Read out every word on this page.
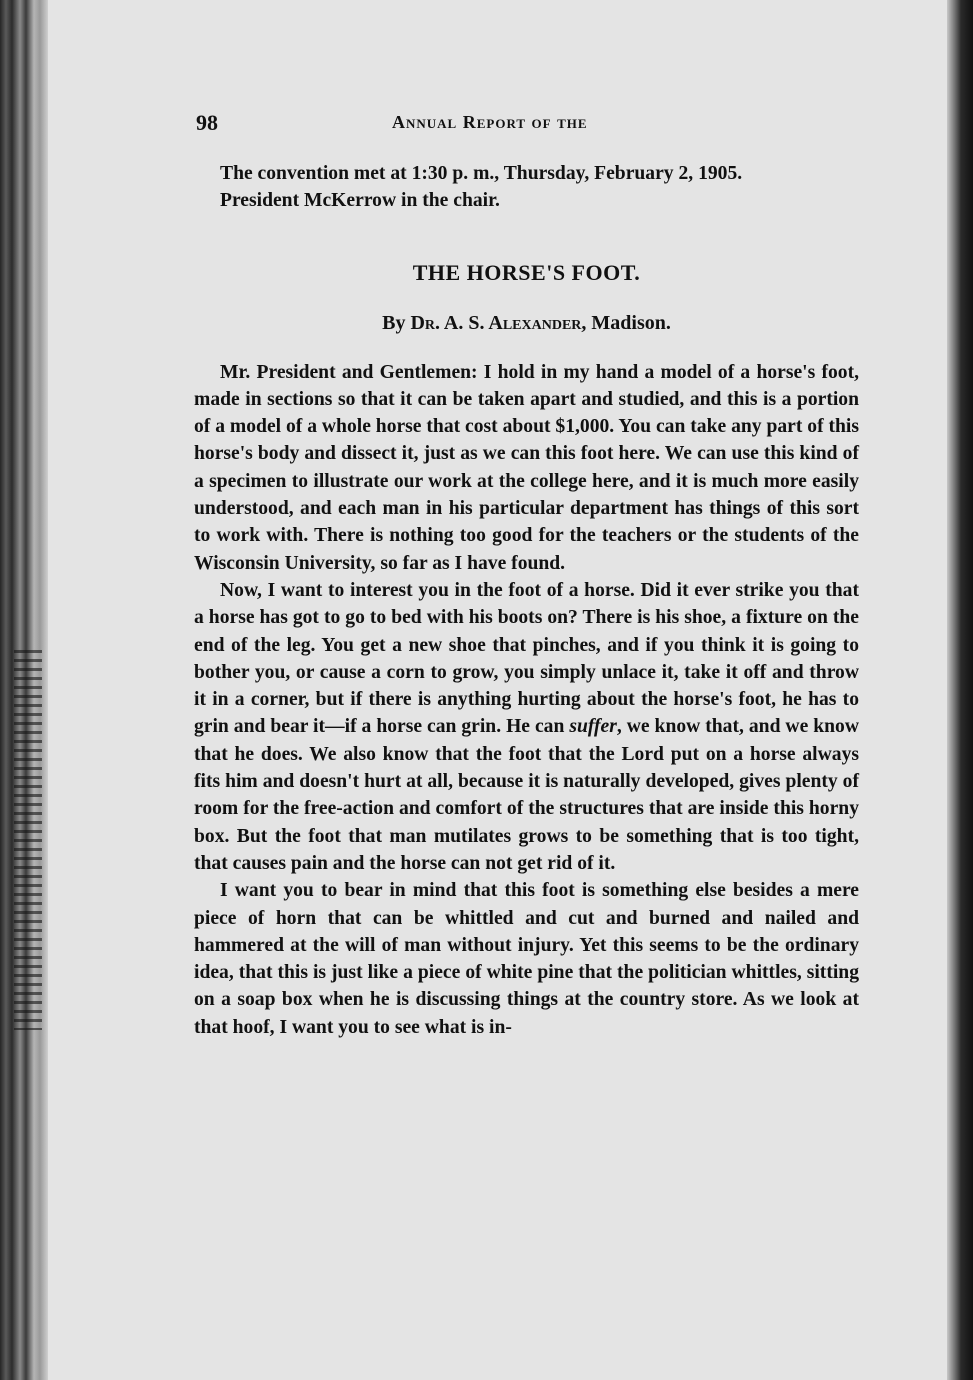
98	Annual Report of the

The convention met at 1:30 p. m., Thursday, February 2, 1905.

President McKerrow in the chair.

THE HORSE'S FOOT.

By Dr. A. S. Alexander, Madison.

Mr. President and Gentlemen: I hold in my hand a model of a horse's foot, made in sections so that it can be taken apart and studied, and this is a portion of a model of a whole horse that cost about $1,000. You can take any part of this horse's body and dissect it, just as we can this foot here. We can use this kind of a specimen to illustrate our work at the college here, and it is much more easily understood, and each man in his particular department has things of this sort to work with. There is nothing too good for the teachers or the students of the Wisconsin University, so far as I have found.

Now, I want to interest you in the foot of a horse. Did it ever strike you that a horse has got to go to bed with his boots on? There is his shoe, a fixture on the end of the leg. You get a new shoe that pinches, and if you think it is going to bother you, or cause a corn to grow, you simply unlace it, take it off and throw it in a corner, but if there is anything hurting about the horse's foot, he has to grin and bear it—if a horse can grin. He can suffer, we know that, and we know that he does. We also know that the foot that the Lord put on a horse always fits him and doesn't hurt at all, because it is naturally developed, gives plenty of room for the free-action and comfort of the structures that are inside this horny box. But the foot that man mutilates grows to be something that is too tight, that causes pain and the horse can not get rid of it.

I want you to bear in mind that this foot is something else besides a mere piece of horn that can be whittled and cut and burned and nailed and hammered at the will of man without injury. Yet this seems to be the ordinary idea, that this is just like a piece of white pine that the politician whittles, sitting on a soap box when he is discussing things at the country store. As we look at that hoof, I want you to see what is in-
